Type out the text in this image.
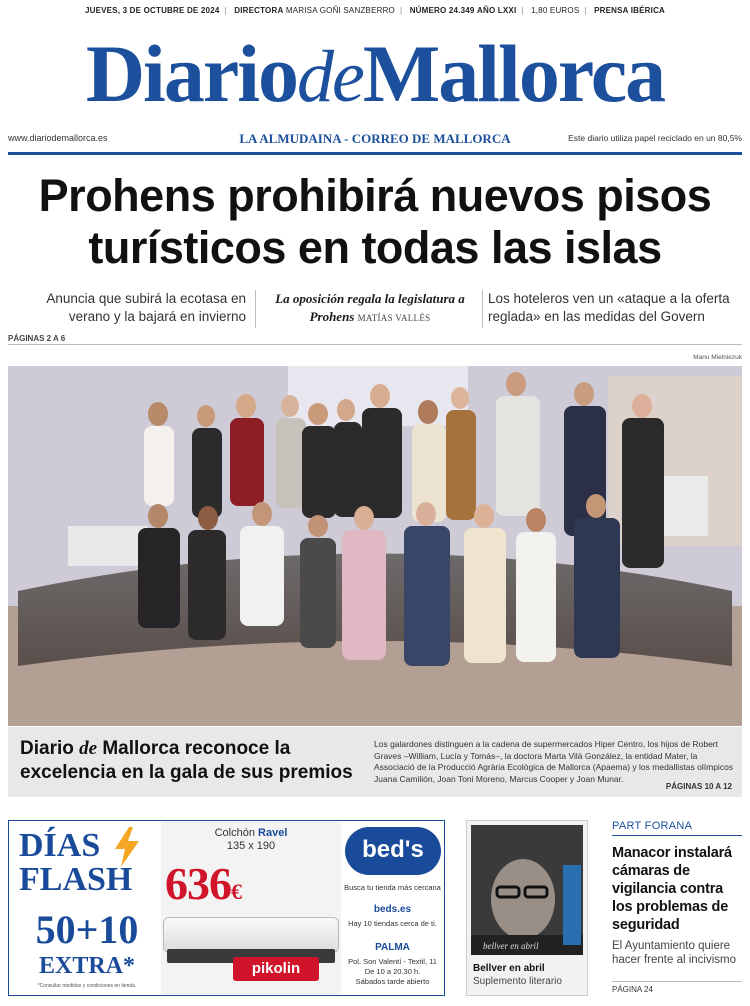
JUEVES, 3 DE OCTUBRE DE 2024 | DIRECTORA MARISA GOÑI SANZBERRO | NÚMERO 24.349 AÑO LXXI | 1,80 EUROS | PRENSA IBÉRICA
DiariodeMallorca
www.diariodemallorca.es	LA ALMUDAINA - CORREO DE MALLORCA	Este diario utiliza papel reciclado en un 80,5%
Prohens prohibirá nuevos pisos turísticos en todas las islas
Anuncia que subirá la ecotasa en verano y la bajará en invierno
La oposición regala la legislatura a Prohens MATÍAS VALLÉS
Los hoteleros ven un «ataque a la oferta reglada» en las medidas del Govern
PÁGINAS 2 A 6
Manu Mielniezuk
Diario de Mallorca reconoce la excelencia en la gala de sus premios
Los galardones distinguen a la cadena de supermercados Hiper Centro, los hijos de Robert Graves –William, Lucía y Tomás–, la doctora Marta Vilà González, la entidad Mater, la Associació de la Producció Agrària Ecològica de Mallorca (Apaema) y los medallistas olímpicos Juana Camilión, Joan Toni Moreno, Marcus Cooper y Joan Munar.
PÁGINAS 10 A 12
DÍAS
FLASH
50+10
EXTRA*
*Consultar medidas y condiciones en tienda.
Colchón Ravel
135 x 190
636€
pikolin
bed's
Busca tu tienda más cercana
beds.es
Hay 10 tiendas cerca de ti.
PALMA
Pol. Son Valentí - Textil, 11
De 10 a 20.30 h.
Sábados tarde abierto
bellver en abril
Bellver en abril
Suplemento literario
PART FORANA
Manacor instalará cámaras de vigilancia contra los problemas de seguridad
El Ayuntamiento quiere hacer frente al incivismo
PÁGINA 24
